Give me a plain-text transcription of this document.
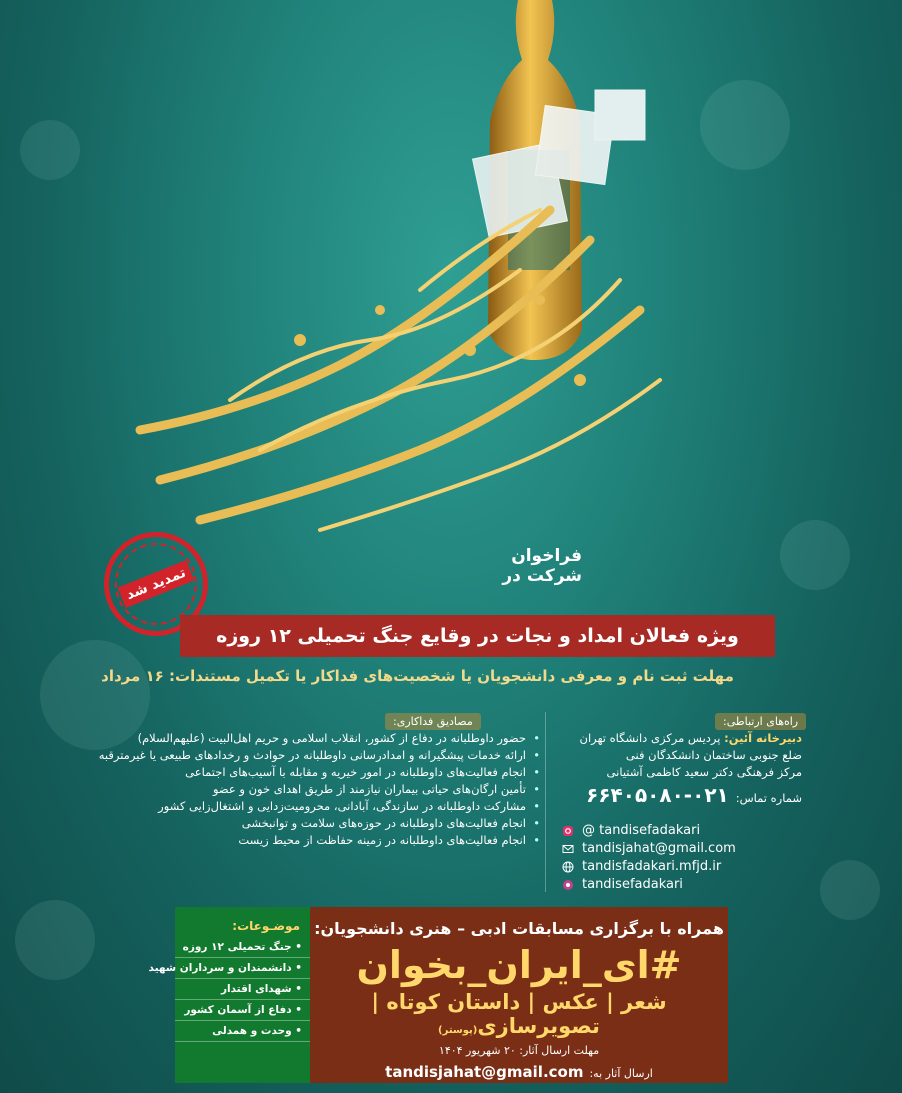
فراخوان
شرکت در
تمدید شد
ویژه فعالان امداد و نجات در وقایع جنگ تحمیلی ۱۲ روزه
مهلت ثبت نام و معرفی دانشجویان یا شخصیت‌های فداکار یا تکمیل مستندات: ۱۶ مرداد
مصادیق فداکاری:	راه‌های ارتباطی:
حضور داوطلبانه در دفاع از کشور، انقلاب اسلامی و حریم اهل‌البیت (علیهم‌السلام) •
ارائه خدمات پیشگیرانه و امدادرسانی داوطلبانه در حوادث و رخدادهای طبیعی یا غیرمترقبه •
انجام فعالیت‌های داوطلبانه در امور خیریه و مقابله با آسیب‌های اجتماعی •
تأمین ارگان‌های حیاتی بیماران نیازمند از طریق اهدای خون و عضو •
مشارکت داوطلبانه در سازندگی، آبادانی، محرومیت‌زدایی و اشتغال‌زایی کشور •
انجام فعالیت‌های داوطلبانه در حوزه‌های سلامت و توانبخشی •
انجام فعالیت‌های داوطلبانه در زمینه حفاظت از محیط زیست •
دبیرخانه آئین: پردیس مرکزی دانشگاه تهران
ضلع جنوبی ساختمان دانشکدگان فنی
مرکز فرهنگی دکتر سعید کاظمی آشتیانی
شماره تماس: ۰۲۱-۶۶۴۰۵۰۸۰
@ tandisefadakari
tandisjahat@gmail.com
tandisfadakari.mfjd.ir
tandisefadakari
موضـوعات:
• جنگ تحمیلی ۱۲ روزه
• دانشمندان و سرداران شهید
• شهدای اقتدار
• دفاع از آسمان کشور
• وحدت و همدلی
همراه با برگزاری مسابقات ادبی – هنری دانشجویان:
#ای_ایران_بخوان
شعر | عکس | داستان کوتاه | تصویرسازی(پوستر)
مهلت ارسال آثار: ۲۰ شهریور ۱۴۰۴
ارسال آثار به:
tandisjahat@gmail.com
